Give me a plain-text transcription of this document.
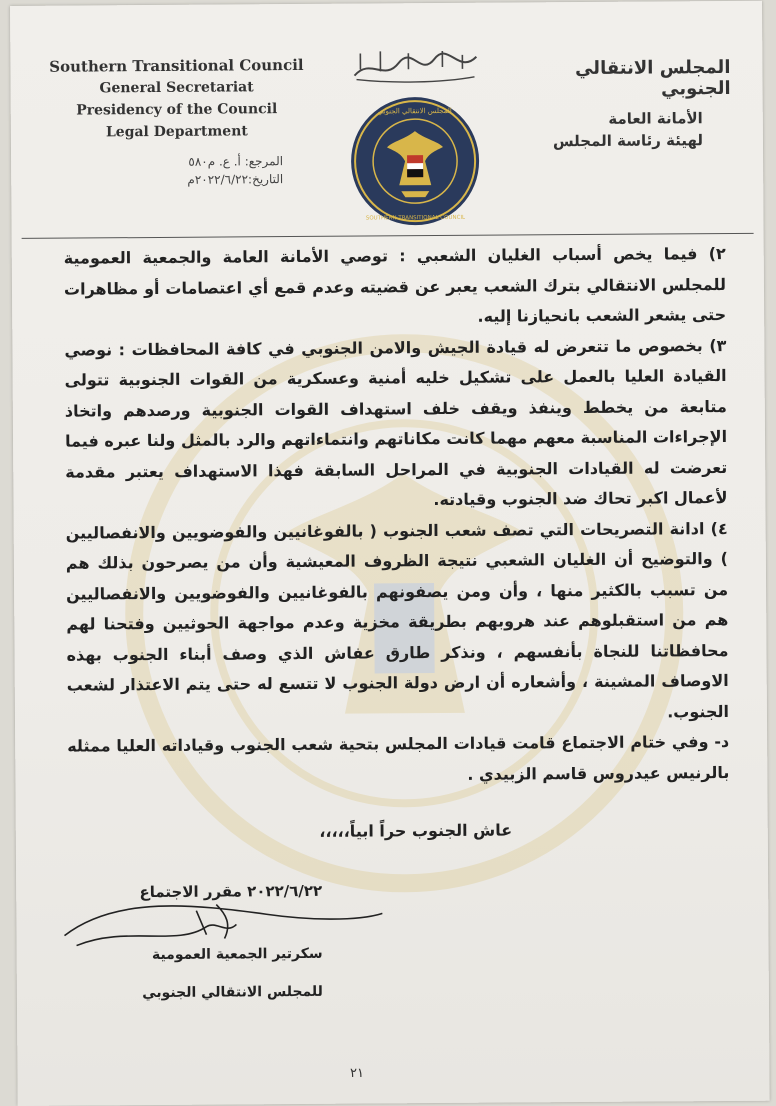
Southern Transitional Council
General Secretariat
Presidency of the Council
Legal Department
المرجع: أ. ع. م٥٨٠
التاريخ:٢٠٢٢/٦/٢٢م
المجلس الانتقالي الجنوبي
SOUTHERN TRANSITIONAL COUNCIL
المجلس الانتقالي الجنوبي
الأمانة العامة
لهيئة رئاسة المجلس

٢) فيما يخص أسباب الغليان الشعبي : توصي الأمانة العامة والجمعية العمومية للمجلس الانتقالي بترك الشعب يعبر عن قضيته وعدم قمع أي اعتصامات أو مظاهرات حتى يشعر الشعب بانحيازنا إليه.

٣) بخصوص ما تتعرض له قيادة الجيش والامن الجنوبي في كافة المحافظات : نوصي القيادة العليا بالعمل على تشكيل خليه أمنية وعسكرية من القوات الجنوبية تتولى متابعة من يخطط وينفذ ويقف خلف استهداف القوات الجنوبية ورصدهم واتخاذ الإجراءات المناسبة معهم مهما كانت مكاناتهم وانتماءاتهم والرد بالمثل ولنا عبره فيما تعرضت له القيادات الجنوبية في المراحل السابقة فهذا الاستهداف يعتبر مقدمة لأعمال اكبر تحاك ضد الجنوب وقيادته.

٤) ادانة التصريحات التي تصف شعب الجنوب ( بالفوغانيين والفوضويين والانفصاليين ) والتوضيح أن الغليان الشعبي نتيجة الظروف المعيشية وأن من يصرحون بذلك هم من تسبب بالكثير منها ، وأن ومن يصفونهم بالفوغانيين والفوضويين والانفصاليين هم من استقبلوهم عند هروبهم بطريقة مخزية وعدم مواجهة الحوثيين وفتحنا لهم محافظاتنا للنجاة بأنفسهم ، ونذكر طارق عفاش الذي وصف أبناء الجنوب بهذه الاوصاف المشينة ، وأشعاره أن ارض دولة الجنوب لا تتسع له حتى يتم الاعتذار لشعب الجنوب.

د- وفي ختام الاجتماع قامت قيادات المجلس بتحية شعب الجنوب وقياداته العليا ممثله بالرنيس عيدروس قاسم الزبيدي .

عاش الجنوب حراً ابياً،،،،،
٢٠٢٢/٦/٢٢ مقرر الاجتماع
سكرتير الجمعية العمومية
للمجلس الانتقالي الجنوبي
٢١
